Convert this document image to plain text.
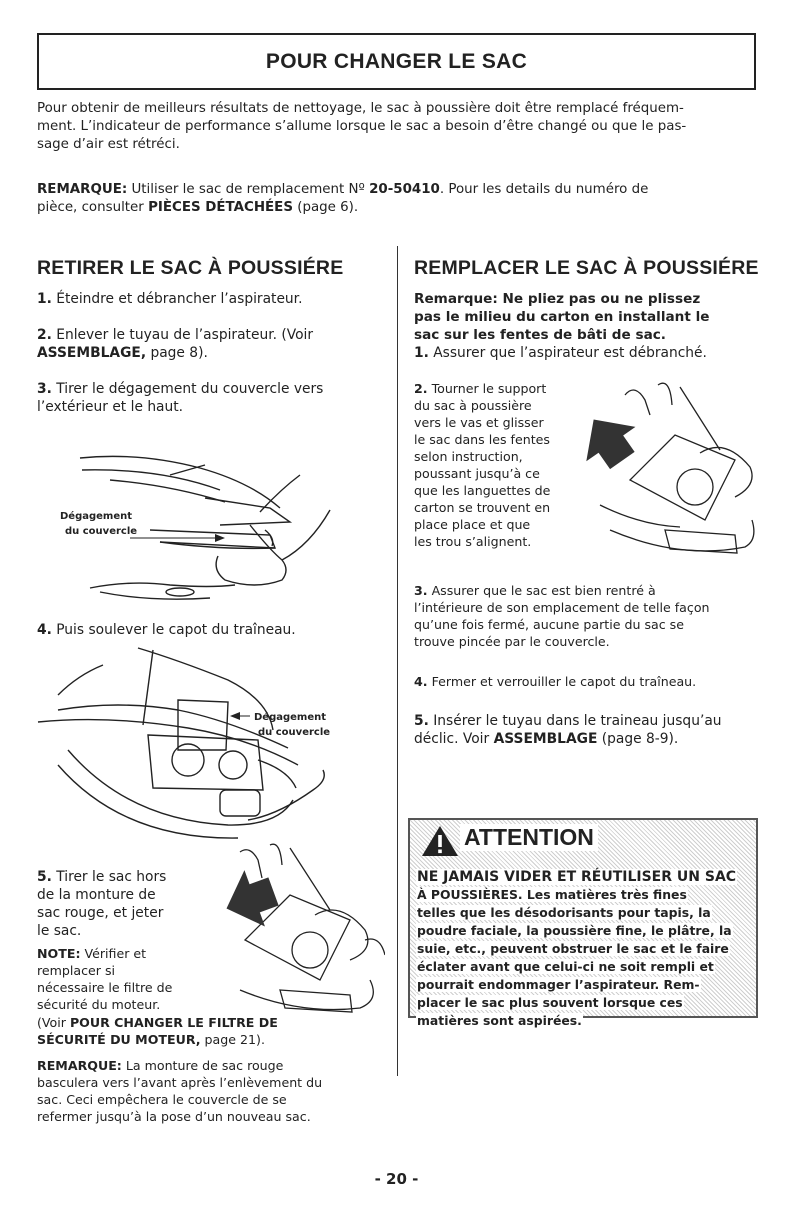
POUR CHANGER LE SAC
Pour obtenir de meilleurs résultats de nettoyage, le sac à poussière doit être remplacé fréquem-
ment. L’indicateur de performance s’allume lorsque le sac a besoin d’être changé ou que le pas-
sage d’air est rétréci.
REMARQUE: Utiliser le sac de remplacement Nº 20-50410. Pour les details du numéro de
pièce, consulter PIÈCES DÉTACHÉES (page 6).
RETIRER LE SAC À POUSSIÉRE
1. Éteindre et débrancher l’aspirateur.
2. Enlever le tuyau de l’aspirateur. (Voir
ASSEMBLAGE, page 8).
3. Tirer le dégagement du couvercle vers
l’extérieur et le haut.
Dégagement
du couvercle
4. Puis soulever le capot du traîneau.
Dégagement
du couvercle
5. Tirer le sac hors
de la monture de
sac rouge, et jeter
le sac.
NOTE: Vérifier et
remplacer si
nécessaire le filtre de
sécurité du moteur.
(Voir POUR CHANGER LE FILTRE DE
SÉCURITÉ DU MOTEUR, page 21).
REMARQUE: La monture de sac rouge
basculera vers l’avant après l’enlèvement du
sac. Ceci empêchera le couvercle de se
refermer jusqu’à la pose d’un nouveau sac.
REMPLACER LE SAC À POUSSIÉRE
Remarque: Ne pliez pas ou ne plissez
pas le milieu du carton en installant le
sac sur les fentes de bâti de sac.
1. Assurer que l’aspirateur est débranché.
2. Tourner le support
du sac à poussière
vers le vas et glisser
le sac dans les fentes
selon instruction,
poussant jusqu’à ce
que les languettes de
carton se trouvent en
place place et que
les trou s’alignent.
3. Assurer que le sac est bien rentré à
l’intérieure de son emplacement de telle façon
qu’une fois fermé, aucune partie du sac se
trouve pincée par le couvercle.
4. Fermer et verrouiller le capot du traîneau.
5. Insérer le tuyau dans le traineau jusqu’au
déclic. Voir ASSEMBLAGE (page 8-9).
ATTENTION
NE JAMAIS VIDER ET RÉUTILISER UN SAC
À POUSSIÈRES. Les matières très fines
telles que les désodorisants pour tapis, la
poudre faciale, la poussière fine, le plâtre, la
suie, etc., peuvent obstruer le sac et le faire
éclater avant que celui-ci ne soit rempli et
pourrait endommager l’aspirateur. Rem-
placer le sac plus souvent lorsque ces
matières sont aspirées.
- 20 -
